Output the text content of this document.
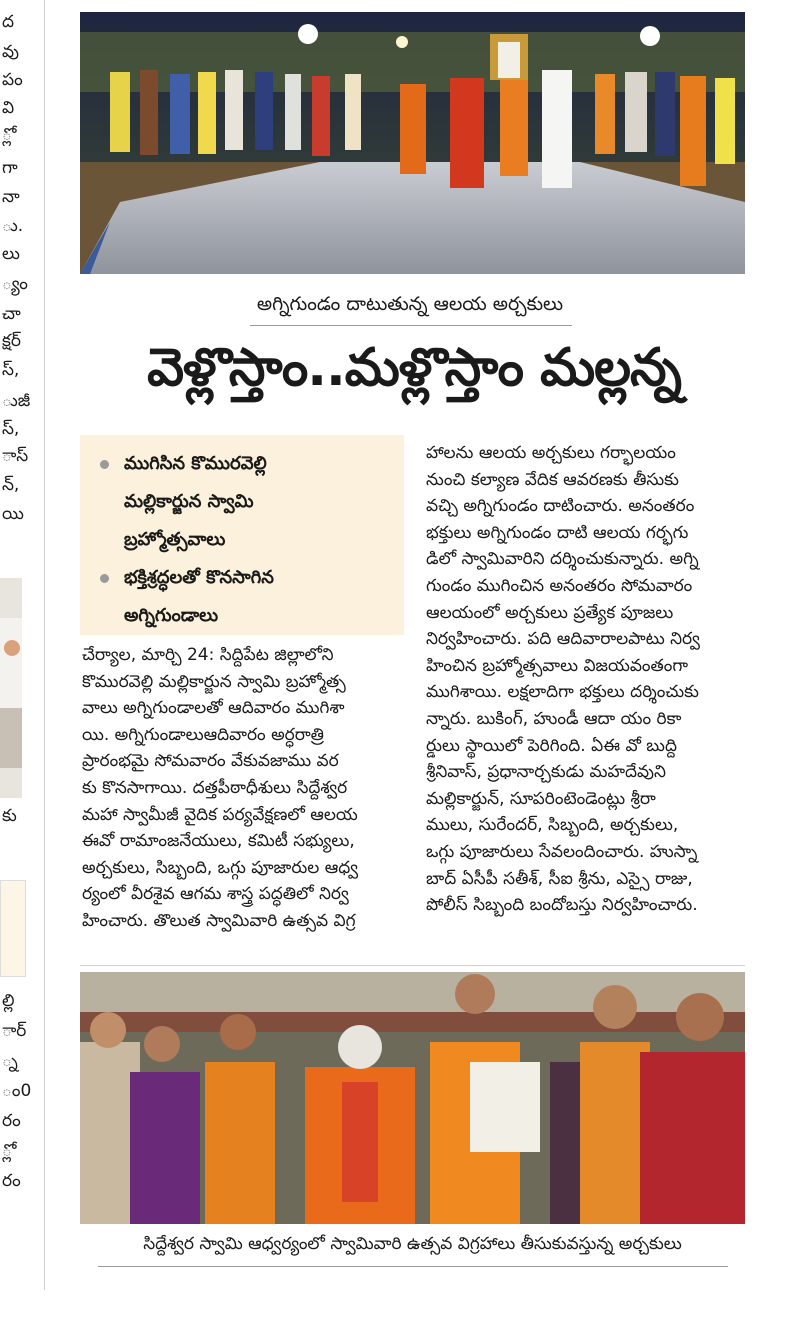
ద
వు
పం
వి
్లో
గా
నా
ు.
లు
్యం
చా
క్షర్
స్,
ుజీ
స్,
ాస్
న్,
యి
ల్లి
ార్
్న
ం0
రం
్లో
రం
కు
అగ్నిగుండం దాటుతున్న ఆలయ అర్చకులు
వెళ్లొస్తాం..మళ్లొస్తాం మల్లన్న
ముగిసిన కొమురవెల్లి
మల్లికార్జున స్వామి
బ్రహ్మోత్సవాలు
భక్తిశ్రద్ధలతో కొనసాగిన
అగ్నిగుండాలు

చేర్యాల, మార్చి 24: సిద్దిపేట జిల్లాలోని

కొమురవెల్లి మల్లికార్జున స్వామి బ్రహ్మోత్స

వాలు అగ్నిగుండాలతో ఆదివారం ముగిశా

యి. అగ్నిగుండాలుఆదివారం అర్ధరాత్రి

ప్రారంభమై సోమవారం వేకువజాము వర

కు కొనసాగాయి. దత్తపీఠాధీశులు సిద్దేశ్వర

మహా స్వామీజీ వైదిక పర్యవేక్షణలో ఆలయ

ఈవో రామాంజనేయులు, కమిటీ సభ్యులు,

అర్చకులు, సిబ్బంది, ఒగ్గు పూజారుల ఆధ్వ

ర్యంలో వీరశైవ ఆగమ శాస్త్ర పద్ధతిలో నిర్వ

హించారు. తొలుత స్వామివారి ఉత్సవ విగ్ర

హాలను ఆలయ అర్చకులు గర్భాలయం

నుంచి కల్యాణ వేదిక ఆవరణకు తీసుకు

వచ్చి అగ్నిగుండం దాటించారు. అనంతరం

భక్తులు అగ్నిగుండం దాటి ఆలయ గర్భగు

డిలో స్వామివారిని దర్శించుకున్నారు. అగ్ని

గుండం ముగించిన అనంతరం సోమవారం

ఆలయంలో అర్చకులు ప్రత్యేక పూజలు

నిర్వహించారు. పది ఆదివారాలపాటు నిర్వ

హించిన బ్రహ్మోత్సవాలు విజయవంతంగా

ముగిశాయి. లక్షలాదిగా భక్తులు దర్శించుకు

న్నారు. బుకింగ్, హుండీ ఆదా యం రికా

ర్డులు స్థాయిలో పెరిగింది. ఏఈ వో బుద్ది

శ్రీనివాస్, ప్రధానార్చకుడు మహదేవుని

మల్లికార్జున్, సూపరింటెండెంట్లు శ్రీరా

ములు, సురేందర్, సిబ్బంది, అర్చకులు,

ఒగ్గు పూజారులు సేవలందించారు. హుస్నా

బాద్ ఏసీపీ సతీశ్, సీఐ శ్రీను, ఎస్సై రాజు,

పోలీస్ సిబ్బంది బందోబస్తు నిర్వహించారు.

సిద్దేశ్వర స్వామి ఆధ్వర్యంలో స్వామివారి ఉత్సవ విగ్రహాలు తీసుకువస్తున్న అర్చకులు
